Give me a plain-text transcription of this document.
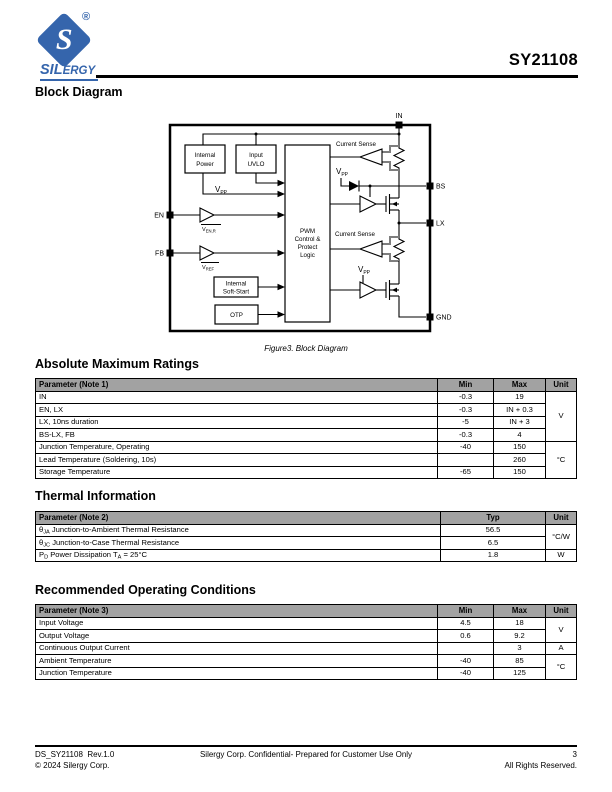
S
®
SILERGY
SY21108
Block Diagram
Internal
Power
Input
UVLO
PWM
Control &
Protect
Logic
$V_{PP}$
EN
$V_{EN,R}$
FB
$V_{REF}$
Internal
Soft-Start
OTP
IN
Current Sense
$V_{PP}$
BS
LX
Current Sense
$V_{PP}$
GND
Figure3. Block Diagram
Absolute Maximum Ratings
Parameter (Note 1)	Min	Max	Unit
IN	-0.3	19	V
EN, LX	-0.3	IN + 0.3	
LX, 10ns duration	-5	IN + 3	
BS-LX, FB	-0.3	4	
Junction Temperature, Operating	-40	150	°C
Lead Temperature (Soldering, 10s)		260	
Storage Temperature	-65	150	
Thermal Information
Parameter (Note 2)	Typ	Unit
$\theta_{JA}$ Junction-to-Ambient Thermal Resistance	56.5	°C/W
$\theta_{JC}$ Junction-to-Case Thermal Resistance	6.5	
$P_D$ Power Dissipation $T_A = 25^\circ C$	1.8	W
Recommended Operating Conditions
Parameter (Note 3)	Min	Max	Unit
Input Voltage	4.5	18	V
Output Voltage	0.6	9.2	
Continuous Output Current		3	A
Ambient Temperature	-40	85	°C
Junction Temperature	-40	125	
DS_SY21108  Rev.1.0	Silergy Corp. Confidential- Prepared for Customer Use Only	3
© 2024 Silergy Corp.	All Rights Reserved.
